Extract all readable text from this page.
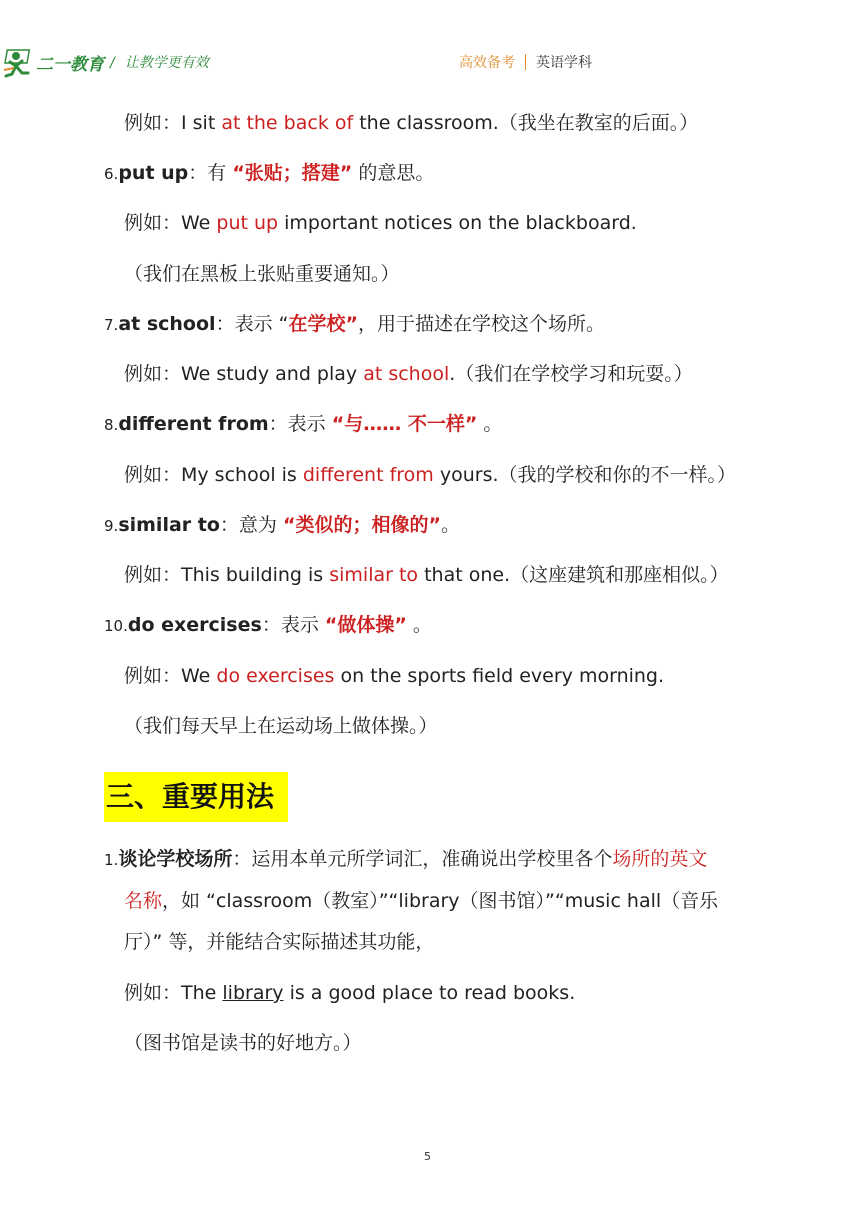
二一教育 / 让教学更有效	高效备考 英语学科
例如：I sit at the back of the classroom.（我坐在教室的后面。）
6.put up：有 “张贴；搭建” 的意思。
例如：We put up important notices on the blackboard.
（我们在黑板上张贴重要通知。）
7.at school：表示 “在学校”，用于描述在学校这个场所。
例如：We study and play at school.（我们在学校学习和玩耍。）
8.different from：表示 “与…… 不一样” 。
例如：My school is different from yours.（我的学校和你的不一样。）
9.similar to：意为 “类似的；相像的”。
例如：This building is similar to that one.（这座建筑和那座相似。）
10.do exercises：表示 “做体操” 。
例如：We do exercises on the sports field every morning.
（我们每天早上在运动场上做体操。）
三、重要用法
1.谈论学校场所：运用本单元所学词汇，准确说出学校里各个场所的英文
名称，如 “classroom（教室）”“library（图书馆）”“music hall（音乐
厅）” 等，并能结合实际描述其功能，
例如：The library is a good place to read books.
（图书馆是读书的好地方。）
5
